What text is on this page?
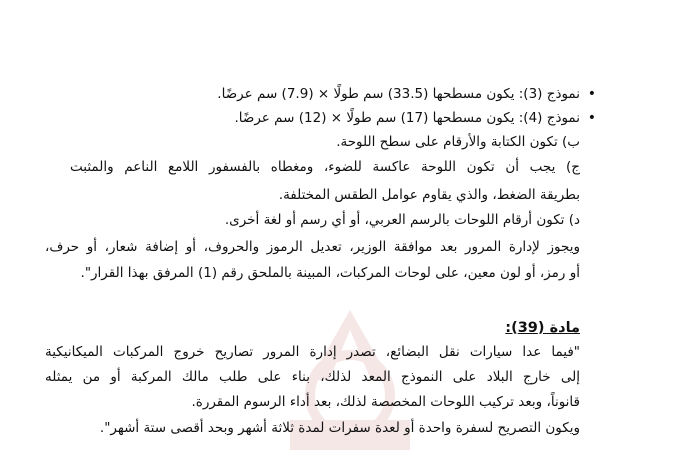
• نموذج (3): يكون مسطحها (33.5) سم طولًا × (7.9) سم عرضًا.
• نموذج (4): يكون مسطحها (17) سم طولًا × (12) سم عرضًا.
ب) تكون الكتابة والأرقام على سطح اللوحة.
ج) يجب أن تكون اللوحة عاكسة للضوء، ومغطاه بالفسفور اللامع الناعم والمثبت
بطريقة الضغط، والذي يقاوم عوامل الطقس المختلفة.
د) تكون أرقام اللوحات بالرسم العربي، أو أي رسم أو لغة أخرى.
ويجوز لإدارة المرور بعد موافقة الوزير، تعديل الرموز والحروف، أو إضافة شعار، أو حرف،
أو رمز، أو لون معين، على لوحات المركبات، المبينة بالملحق رقم (1) المرفق بهذا القرار".
مادة (39):
"فيما عدا سيارات نقل البضائع، تصدر إدارة المرور تصاريح خروج المركبات الميكانيكية
إلى خارج البلاد على النموذج المعد لذلك، بناء على طلب مالك المركبة أو من يمثله
قانوناً، وبعد تركيب اللوحات المخصصة لذلك، بعد أداء الرسوم المقررة.
ويكون التصريح لسفرة واحدة أو لعدة سفرات لمدة ثلاثة أشهر وبحد أقصى ستة أشهر".
